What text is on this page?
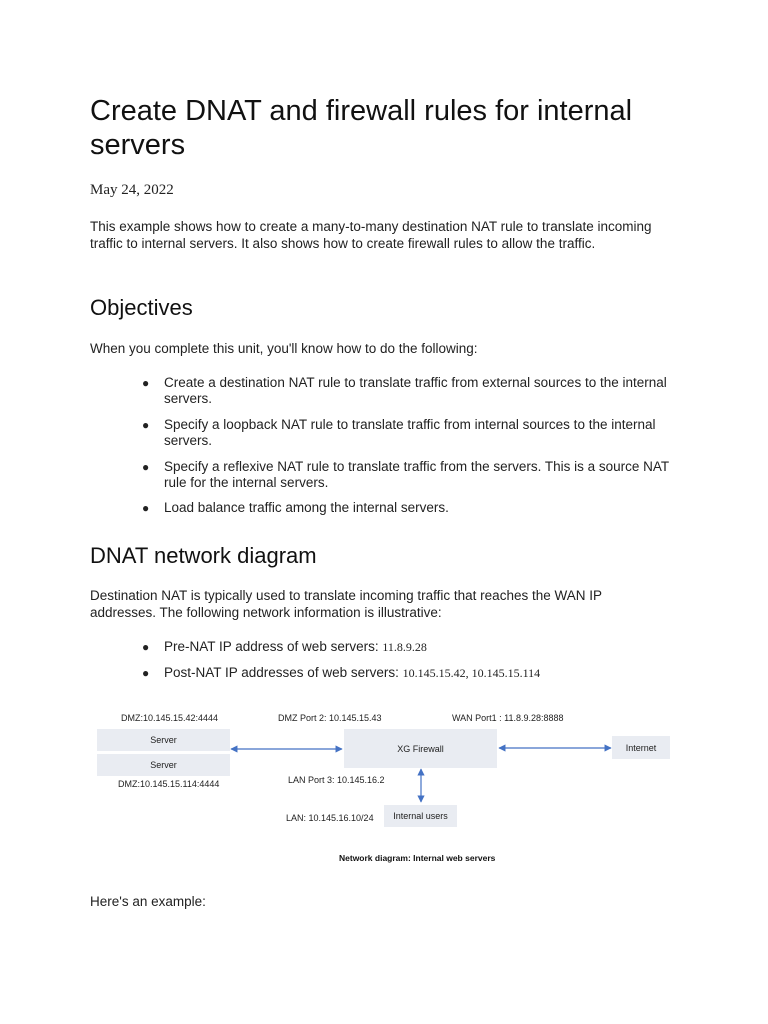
Create DNAT and firewall rules for internal servers
May 24, 2022
This example shows how to create a many-to-many destination NAT rule to translate incoming traffic to internal servers. It also shows how to create firewall rules to allow the traffic.
Objectives
When you complete this unit, you'll know how to do the following:
● Create a destination NAT rule to translate traffic from external sources to the internal servers.
● Specify a loopback NAT rule to translate traffic from internal sources to the internal servers.
● Specify a reflexive NAT rule to translate traffic from the servers. This is a source NAT rule for the internal servers.
● Load balance traffic among the internal servers.
DNAT network diagram
Destination NAT is typically used to translate incoming traffic that reaches the WAN IP addresses. The following network information is illustrative:
● Pre-NAT IP address of web servers: 11.8.9.28
● Post-NAT IP addresses of web servers: 10.145.15.42, 10.145.15.114
Here's an example:
DMZ:10.145.15.42:4444	DMZ Port 2: 10.145.15.43	WAN Port1 : 11.8.9.28:8888
Server
Server
XG Firewall	Internet
DMZ:10.145.15.114:4444	LAN Port 3: 10.145.16.2
LAN: 10.145.16.10/24	Internal users
Network diagram: Internal web servers
